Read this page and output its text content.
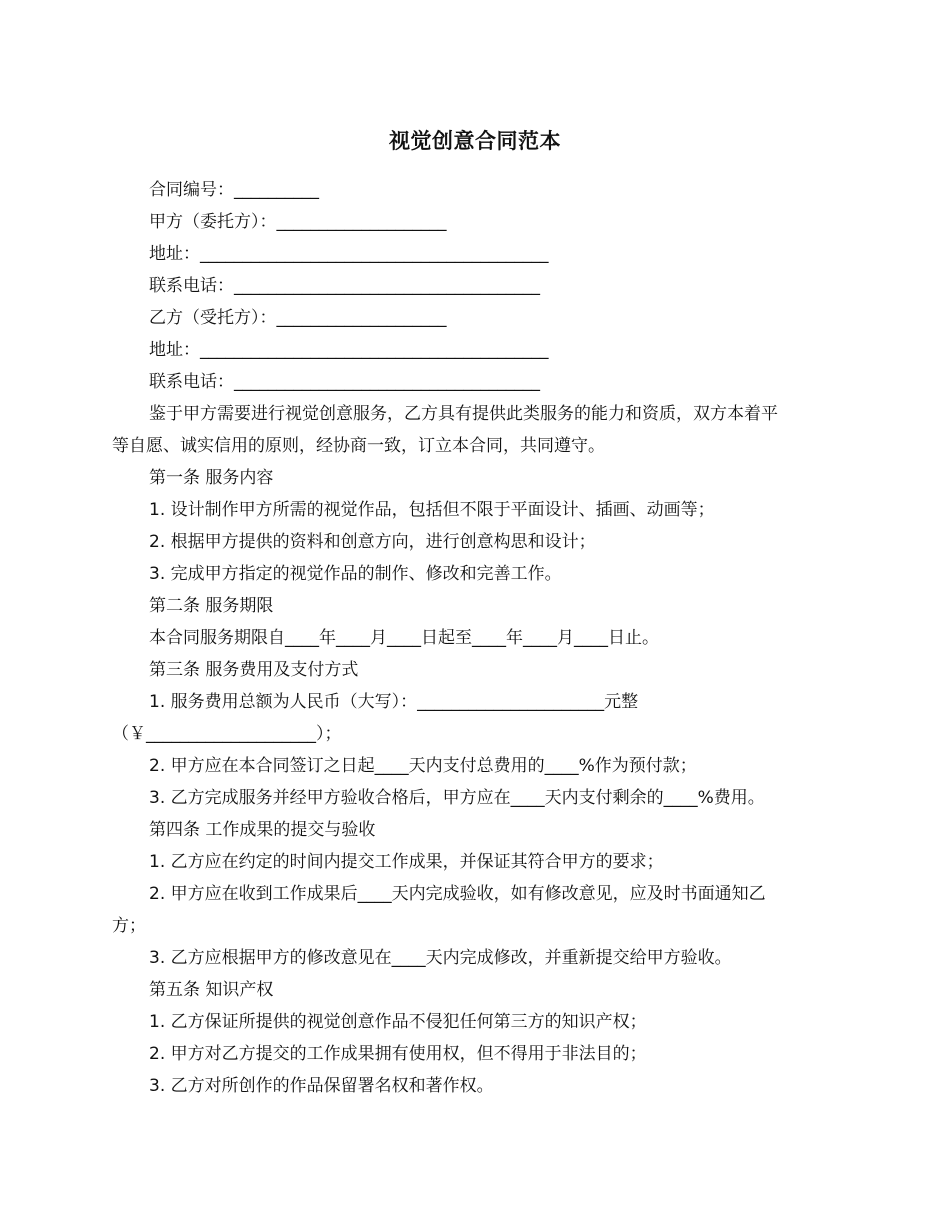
视觉创意合同范本
合同编号：__________
甲方（委托方）：____________________
地址：_________________________________________
联系电话：____________________________________
乙方（受托方）：____________________
地址：_________________________________________
联系电话：____________________________________
鉴于甲方需要进行视觉创意服务，乙方具有提供此类服务的能力和资质，双方本着平
等自愿、诚实信用的原则，经协商一致，订立本合同，共同遵守。
第一条 服务内容
1. 设计制作甲方所需的视觉作品，包括但不限于平面设计、插画、动画等；
2. 根据甲方提供的资料和创意方向，进行创意构思和设计；
3. 完成甲方指定的视觉作品的制作、修改和完善工作。
第二条 服务期限
本合同服务期限自____年____月____日起至____年____月____日止。
第三条 服务费用及支付方式
1. 服务费用总额为人民币（大写）：______________________元整
（￥____________________）；
2. 甲方应在本合同签订之日起____天内支付总费用的____%作为预付款；
3. 乙方完成服务并经甲方验收合格后，甲方应在____天内支付剩余的____%费用。
第四条 工作成果的提交与验收
1. 乙方应在约定的时间内提交工作成果，并保证其符合甲方的要求；
2. 甲方应在收到工作成果后____天内完成验收，如有修改意见，应及时书面通知乙
方；
3. 乙方应根据甲方的修改意见在____天内完成修改，并重新提交给甲方验收。
第五条 知识产权
1. 乙方保证所提供的视觉创意作品不侵犯任何第三方的知识产权；
2. 甲方对乙方提交的工作成果拥有使用权，但不得用于非法目的；
3. 乙方对所创作的作品保留署名权和著作权。
